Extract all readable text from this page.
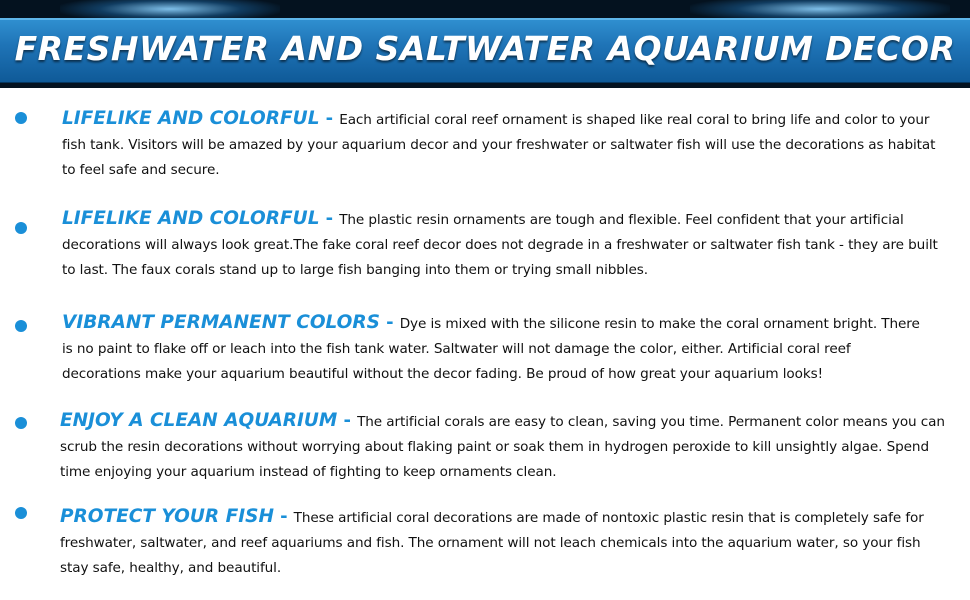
FRESHWATER AND SALTWATER AQUARIUM DECOR

LIFELIKE AND COLORFUL - Each artificial coral reef ornament is shaped like real coral to bring life and color to your fish tank. Visitors will be amazed by your aquarium decor and your freshwater or saltwater fish will use the decorations as habitat to feel safe and secure.

LIFELIKE AND COLORFUL - The plastic resin ornaments are tough and flexible. Feel confident that your artificial decorations will always look great.The fake coral reef decor does not degrade in a freshwater or saltwater fish tank - they are built to last. The faux corals stand up to large fish banging into them or trying small nibbles.

VIBRANT PERMANENT COLORS - Dye is mixed with the silicone resin to make the coral ornament bright. There is no paint to flake off or leach into the fish tank water. Saltwater will not damage the color, either. Artificial coral reef decorations make your aquarium beautiful without the decor fading. Be proud of how great your aquarium looks!

ENJOY A CLEAN AQUARIUM - The artificial corals are easy to clean, saving you time. Permanent color means you can scrub the resin decorations without worrying about flaking paint or soak them in hydrogen peroxide to kill unsightly algae. Spend time enjoying your aquarium instead of fighting to keep ornaments clean.

PROTECT YOUR FISH - These artificial coral decorations are made of nontoxic plastic resin that is completely safe for freshwater, saltwater, and reef aquariums and fish. The ornament will not leach chemicals into the aquarium water, so your fish stay safe, healthy, and beautiful.
